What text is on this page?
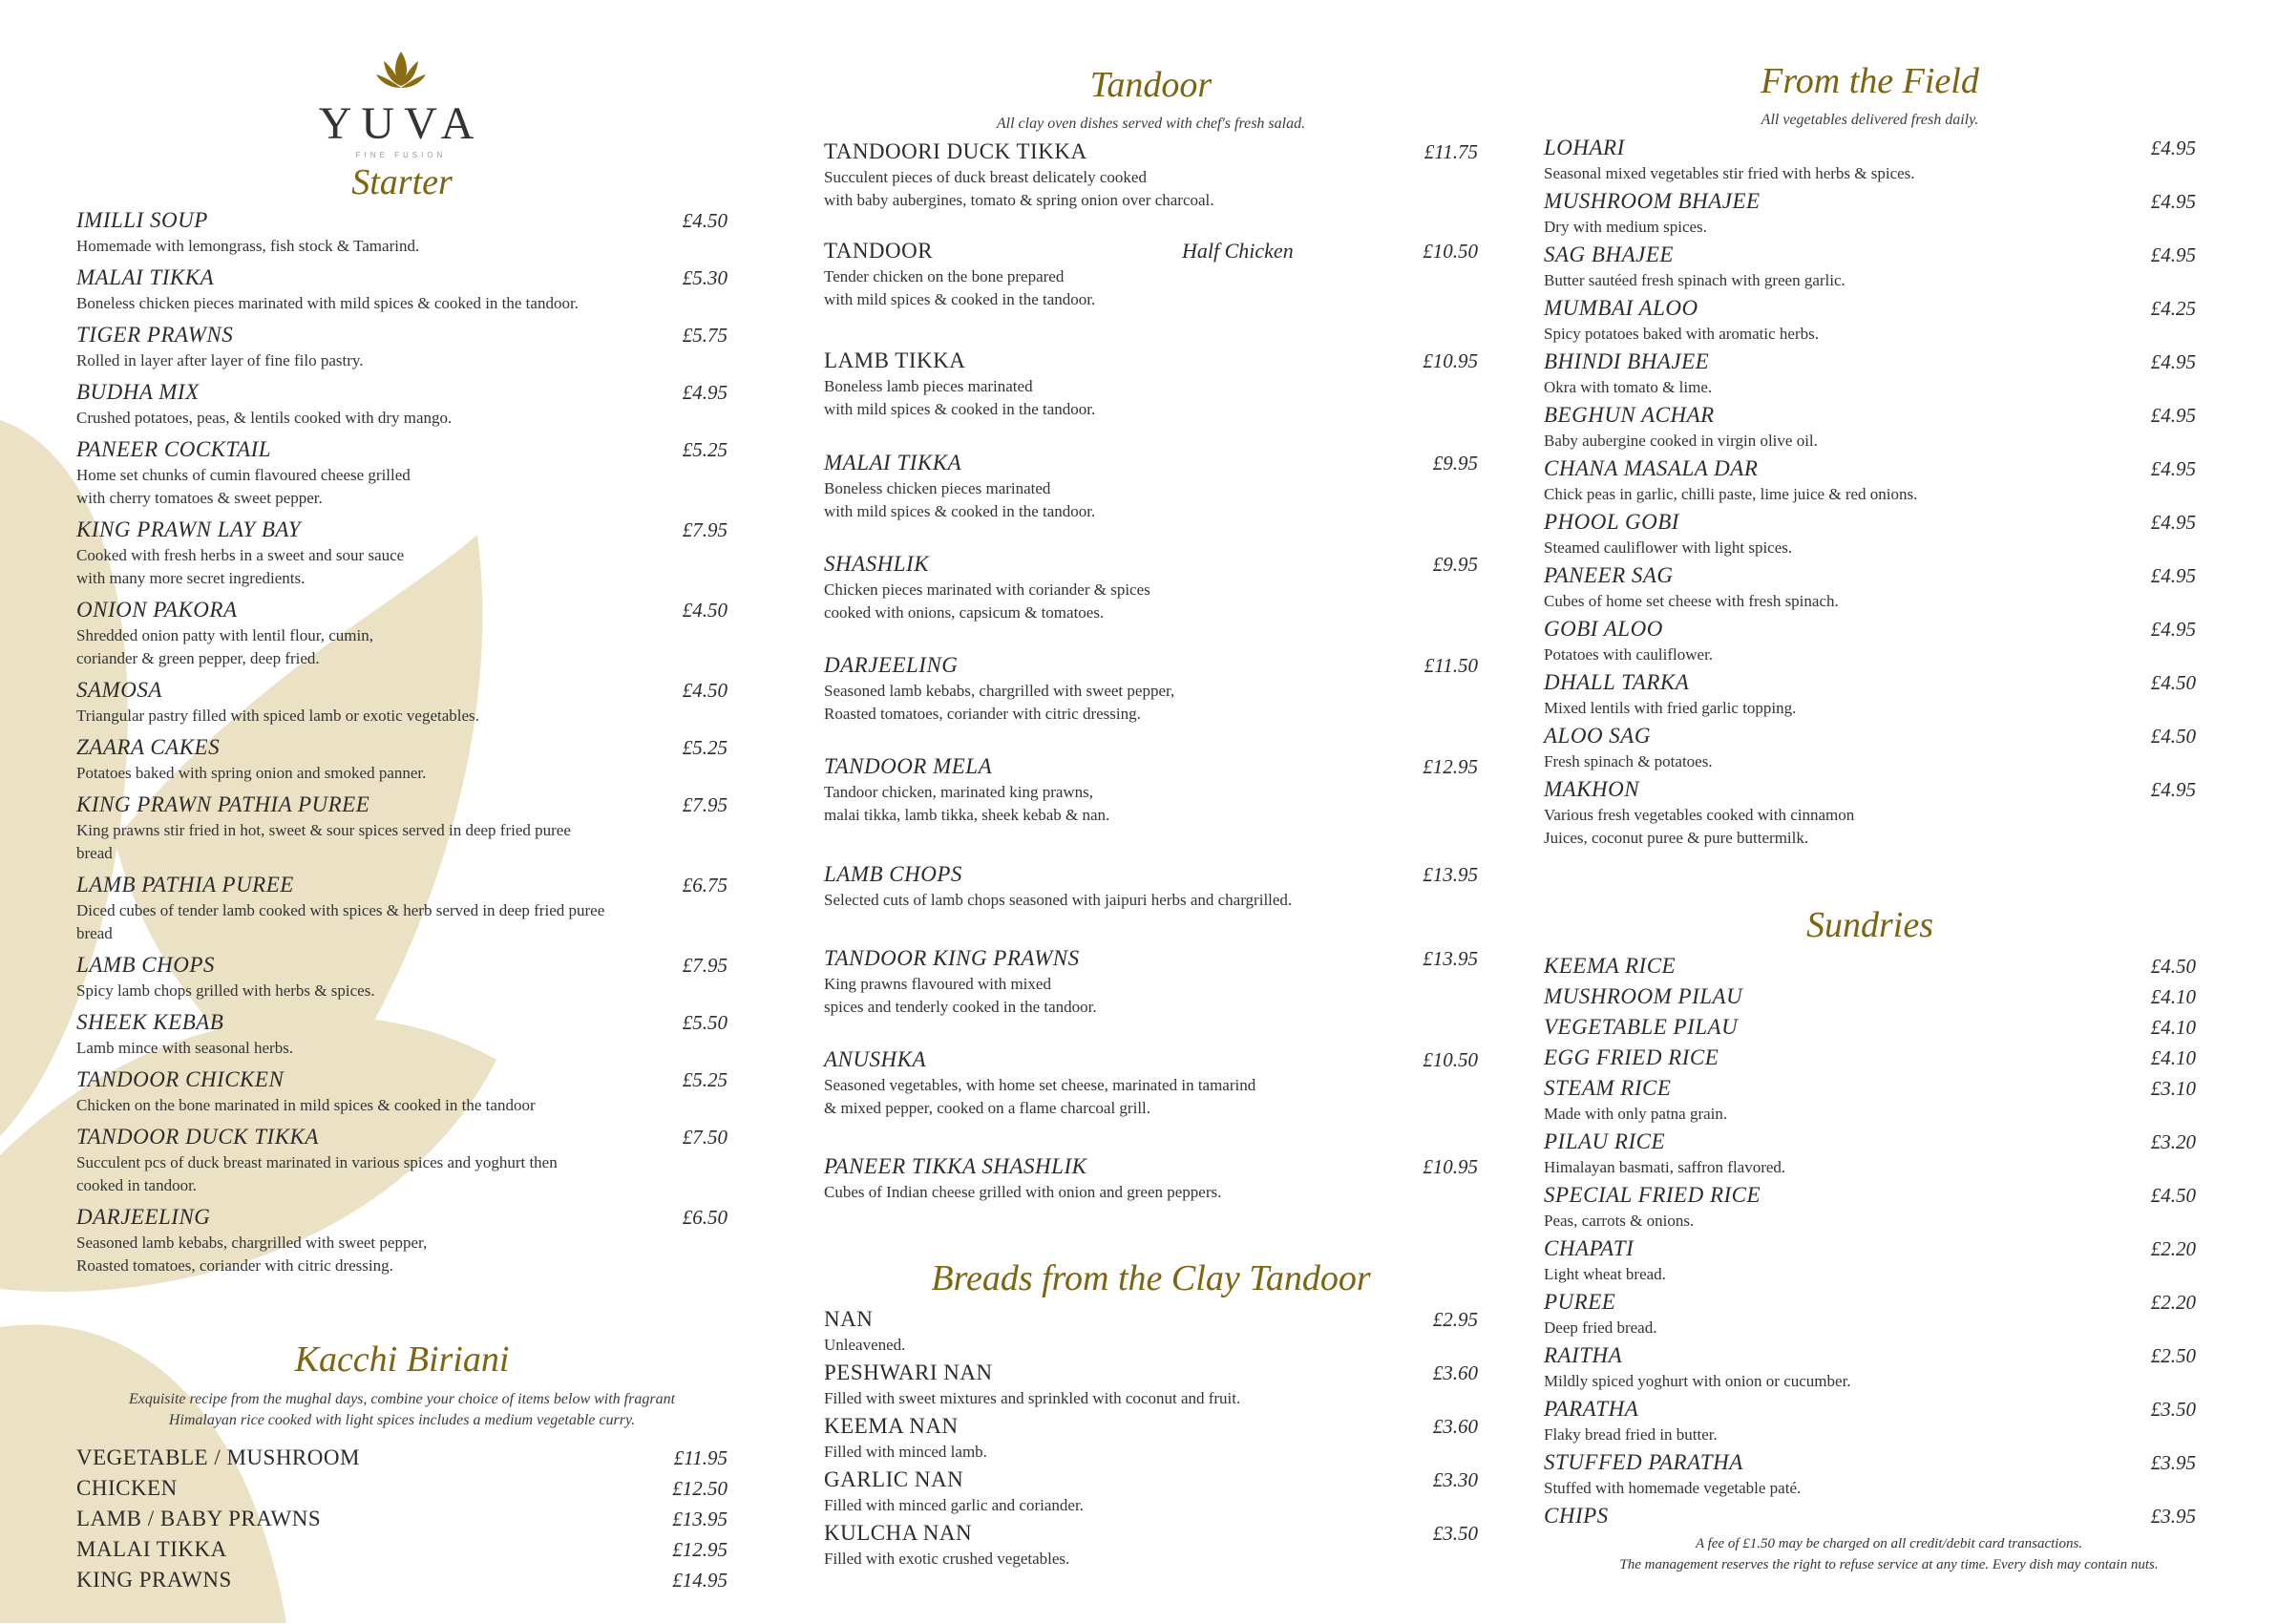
YUVA
FINE FUSION
Starter
IMILLI SOUP	£4.50
Homemade with lemongrass, fish stock & Tamarind.
MALAI TIKKA	£5.30
Boneless chicken pieces marinated with mild spices & cooked in the tandoor.
TIGER PRAWNS	£5.75
Rolled in layer after layer of fine filo pastry.
BUDHA MIX	£4.95
Crushed potatoes, peas, & lentils cooked with dry mango.
PANEER COCKTAIL	£5.25
Home set chunks of cumin flavoured cheese grilled
with cherry tomatoes & sweet pepper.
KING PRAWN LAY BAY	£7.95
Cooked with fresh herbs in a sweet and sour sauce
with many more secret ingredients.
ONION PAKORA	£4.50
Shredded onion patty with lentil flour, cumin,
coriander & green pepper, deep fried.
SAMOSA	£4.50
Triangular pastry filled with spiced lamb or exotic vegetables.
ZAARA CAKES	£5.25
Potatoes baked with spring onion and smoked panner.
KING PRAWN PATHIA PUREE	£7.95
King prawns stir fried in hot, sweet & sour spices served in deep fried puree
bread
LAMB PATHIA PUREE	£6.75
Diced cubes of tender lamb cooked with spices & herb served in deep fried puree
bread
LAMB CHOPS	£7.95
Spicy lamb chops grilled with herbs & spices.
SHEEK KEBAB	£5.50
Lamb mince with seasonal herbs.
TANDOOR CHICKEN	£5.25
Chicken on the bone marinated in mild spices & cooked in the tandoor
TANDOOR DUCK TIKKA	£7.50
Succulent pcs of duck breast marinated in various spices and yoghurt then
cooked in tandoor.
DARJEELING	£6.50
Seasoned lamb kebabs, chargrilled with sweet pepper,
Roasted tomatoes, coriander with citric dressing.
Kacchi Biriani
Exquisite recipe from the mughal days, combine your choice of items below with fragrant
Himalayan rice cooked with light spices includes a medium vegetable curry.
VEGETABLE / MUSHROOM	£11.95
CHICKEN	£12.50
LAMB / BABY PRAWNS	£13.95
MALAI TIKKA	£12.95
KING PRAWNS	£14.95
Tandoor
All clay oven dishes served with chef's fresh salad.
TANDOORI DUCK TIKKA	£11.75
Succulent pieces of duck breast delicately cooked
with baby aubergines, tomato & spring onion over charcoal.
TANDOOR	Half Chicken	£10.50
Tender chicken on the bone prepared
with mild spices & cooked in the tandoor.
LAMB TIKKA	£10.95
Boneless lamb pieces marinated
with mild spices & cooked in the tandoor.
MALAI TIKKA	£9.95
Boneless chicken pieces marinated
with mild spices & cooked in the tandoor.
SHASHLIK	£9.95
Chicken pieces marinated with coriander & spices
cooked with onions, capsicum & tomatoes.
DARJEELING	£11.50
Seasoned lamb kebabs, chargrilled with sweet pepper,
Roasted tomatoes, coriander with citric dressing.
TANDOOR MELA	£12.95
Tandoor chicken, marinated king prawns,
malai tikka, lamb tikka, sheek kebab & nan.
LAMB CHOPS	£13.95
Selected cuts of lamb chops seasoned with jaipuri herbs and chargrilled.
TANDOOR KING PRAWNS	£13.95
King prawns flavoured with mixed
spices and tenderly cooked in the tandoor.
ANUSHKA	£10.50
Seasoned vegetables, with home set cheese, marinated in tamarind
& mixed pepper, cooked on a flame charcoal grill.
PANEER TIKKA SHASHLIK	£10.95
Cubes of Indian cheese grilled with onion and green peppers.
Breads from the Clay Tandoor
NAN	£2.95
Unleavened.
PESHWARI NAN	£3.60
Filled with sweet mixtures and sprinkled with coconut and fruit.
KEEMA NAN	£3.60
Filled with minced lamb.
GARLIC NAN	£3.30
Filled with minced garlic and coriander.
KULCHA NAN	£3.50
Filled with exotic crushed vegetables.
From the Field
All vegetables delivered fresh daily.
LOHARI	£4.95
Seasonal mixed vegetables stir fried with herbs & spices.
MUSHROOM BHAJEE	£4.95
Dry with medium spices.
SAG BHAJEE	£4.95
Butter sautéed fresh spinach with green garlic.
MUMBAI ALOO	£4.25
Spicy potatoes baked with aromatic herbs.
BHINDI BHAJEE	£4.95
Okra with tomato & lime.
BEGHUN ACHAR	£4.95
Baby aubergine cooked in virgin olive oil.
CHANA MASALA DAR	£4.95
Chick peas in garlic, chilli paste, lime juice & red onions.
PHOOL GOBI	£4.95
Steamed cauliflower with light spices.
PANEER SAG	£4.95
Cubes of home set cheese with fresh spinach.
GOBI ALOO	£4.95
Potatoes with cauliflower.
DHALL TARKA	£4.50
Mixed lentils with fried garlic topping.
ALOO SAG	£4.50
Fresh spinach & potatoes.
MAKHON	£4.95
Various fresh vegetables cooked with cinnamon
Juices, coconut puree & pure buttermilk.
Sundries
KEEMA RICE	£4.50
MUSHROOM PILAU	£4.10
VEGETABLE PILAU	£4.10
EGG FRIED RICE	£4.10
STEAM RICE	£3.10
Made with only patna grain.
PILAU RICE	£3.20
Himalayan basmati, saffron flavored.
SPECIAL FRIED RICE	£4.50
Peas, carrots & onions.
CHAPATI	£2.20
Light wheat bread.
PUREE	£2.20
Deep fried bread.
RAITHA	£2.50
Mildly spiced yoghurt with onion or cucumber.
PARATHA	£3.50
Flaky bread fried in butter.
STUFFED PARATHA	£3.95
Stuffed with homemade vegetable paté.
CHIPS	£3.95
A fee of £1.50 may be charged on all credit/debit card transactions.
The management reserves the right to refuse service at any time. Every dish may contain nuts.
